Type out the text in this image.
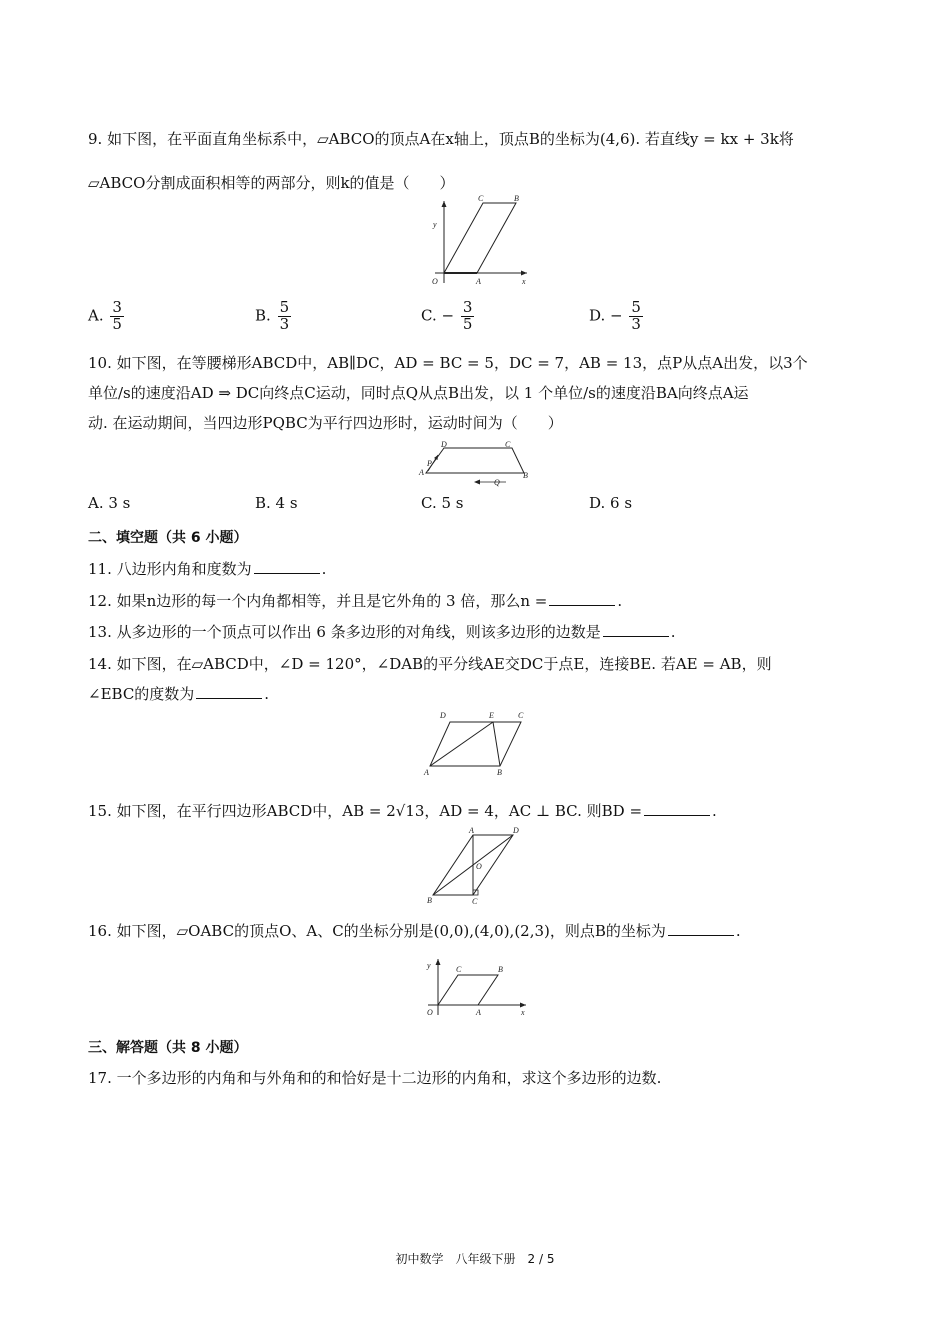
9. 如下图，在平面直角坐标系中，▱ABCO的顶点A在x轴上，顶点B的坐标为(4,6). 若直线y = kx + 3k将
▱ABCO分割成面积相等的两部分，则k的值是（　　）
C	B
y
O	A	x
A. $\frac{3}{5}$	B. $\frac{5}{3}$	C. − $\frac{3}{5}$	D. − $\frac{5}{3}$
10. 如下图，在等腰梯形ABCD中，AB∥DC，AD = BC = 5，DC = 7，AB = 13，点P从点A出发，以3个
单位/s的速度沿AD ⇒ DC向终点C运动，同时点Q从点B出发，以 1 个单位/s的速度沿BA向终点A运
动. 在运动期间，当四边形PQBC为平行四边形时，运动时间为（　　）
D	C
A
P
B
Q
A. 3 s	B. 4 s	C. 5 s	D. 6 s
二、填空题（共 6 小题）
11. 八边形内角和度数为	.
12. 如果n边形的每一个内角都相等，并且是它外角的 3 倍，那么n =	.
13. 从多边形的一个顶点可以作出 6 条多边形的对角线，则该多边形的边数是	.
14. 如下图，在▱ABCD中，∠D = 120°，∠DAB的平分线AE交DC于点E，连接BE. 若AE = AB，则
∠EBC的度数为	.
D	E	C
A	B
15. 如下图，在平行四边形ABCD中，AB = 2√13，AD = 4，AC ⊥ BC. 则BD =	.
A	D
O
B	C
16. 如下图，▱OABC的顶点O、A、C的坐标分别是(0,0),(4,0),(2,3)，则点B的坐标为	.
C	B
y
O	A	x
三、解答题（共 8 小题）
17. 一个多边形的内角和与外角和的和恰好是十二边形的内角和，求这个多边形的边数.
初中数学　八年级下册　2 / 5
